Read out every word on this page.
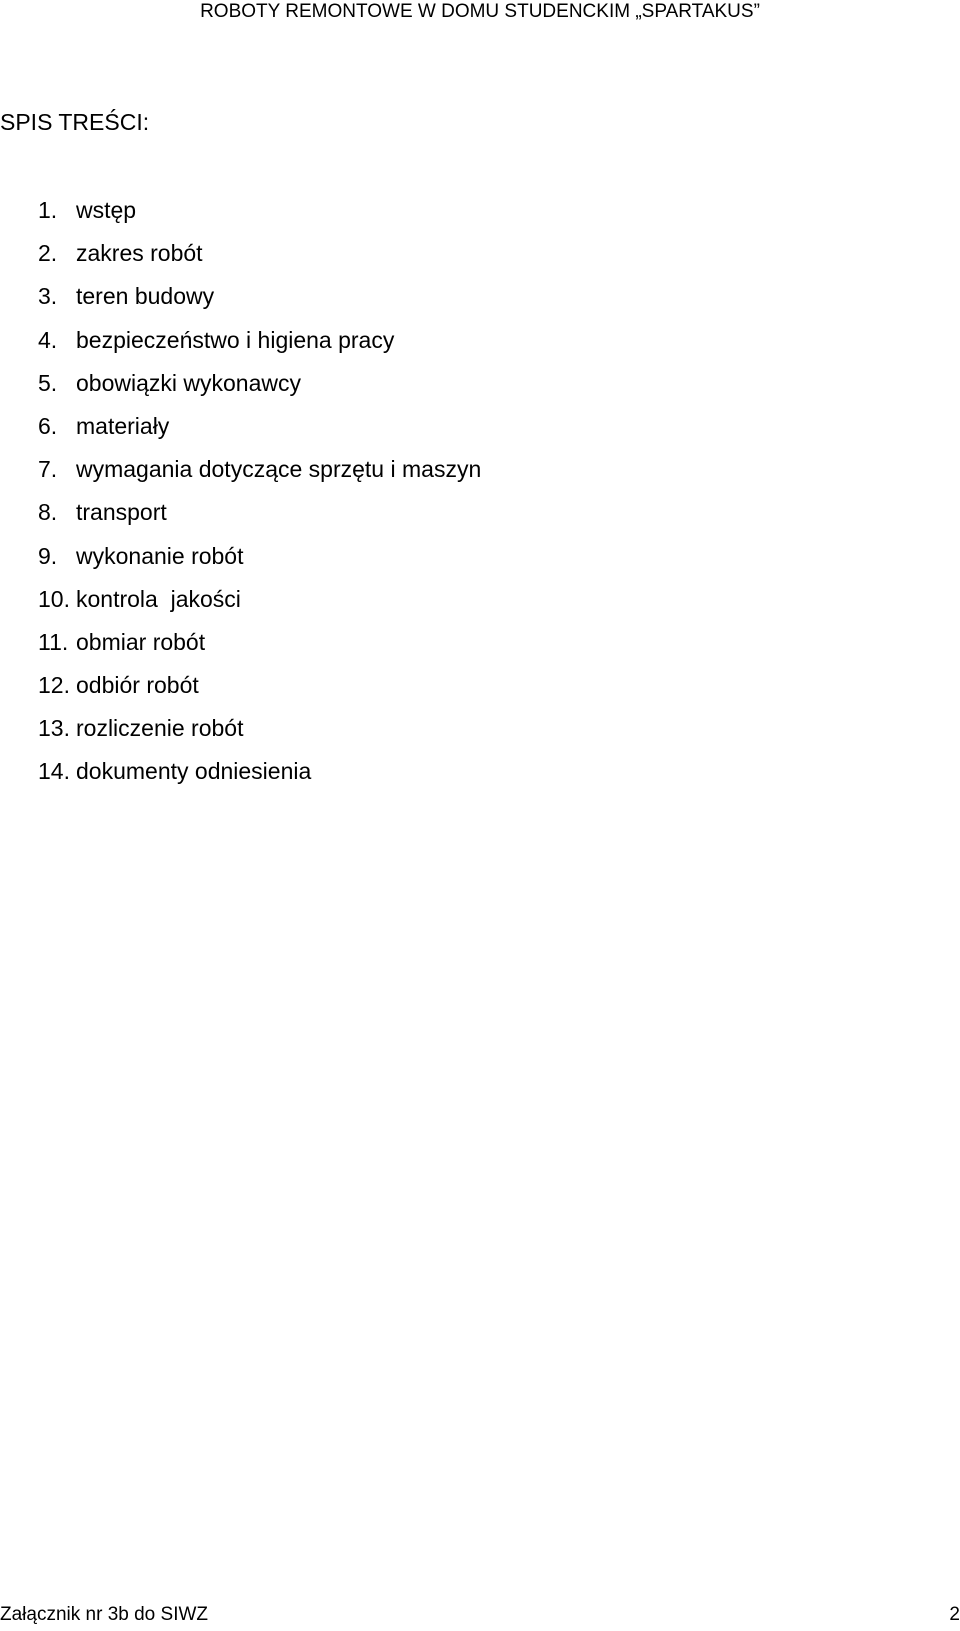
ROBOTY REMONTOWE W DOMU STUDENCKIM „SPARTAKUS”
SPIS TREŚCI:
1. wstęp
2. zakres robót
3. teren budowy
4. bezpieczeństwo i higiena pracy
5. obowiązki wykonawcy
6. materiały
7. wymagania dotyczące sprzętu i maszyn
8. transport
9. wykonanie robót
10. kontrola  jakości
11. obmiar robót
12. odbiór robót
13. rozliczenie robót
14. dokumenty odniesienia
Załącznik nr 3b do SIWZ	2
